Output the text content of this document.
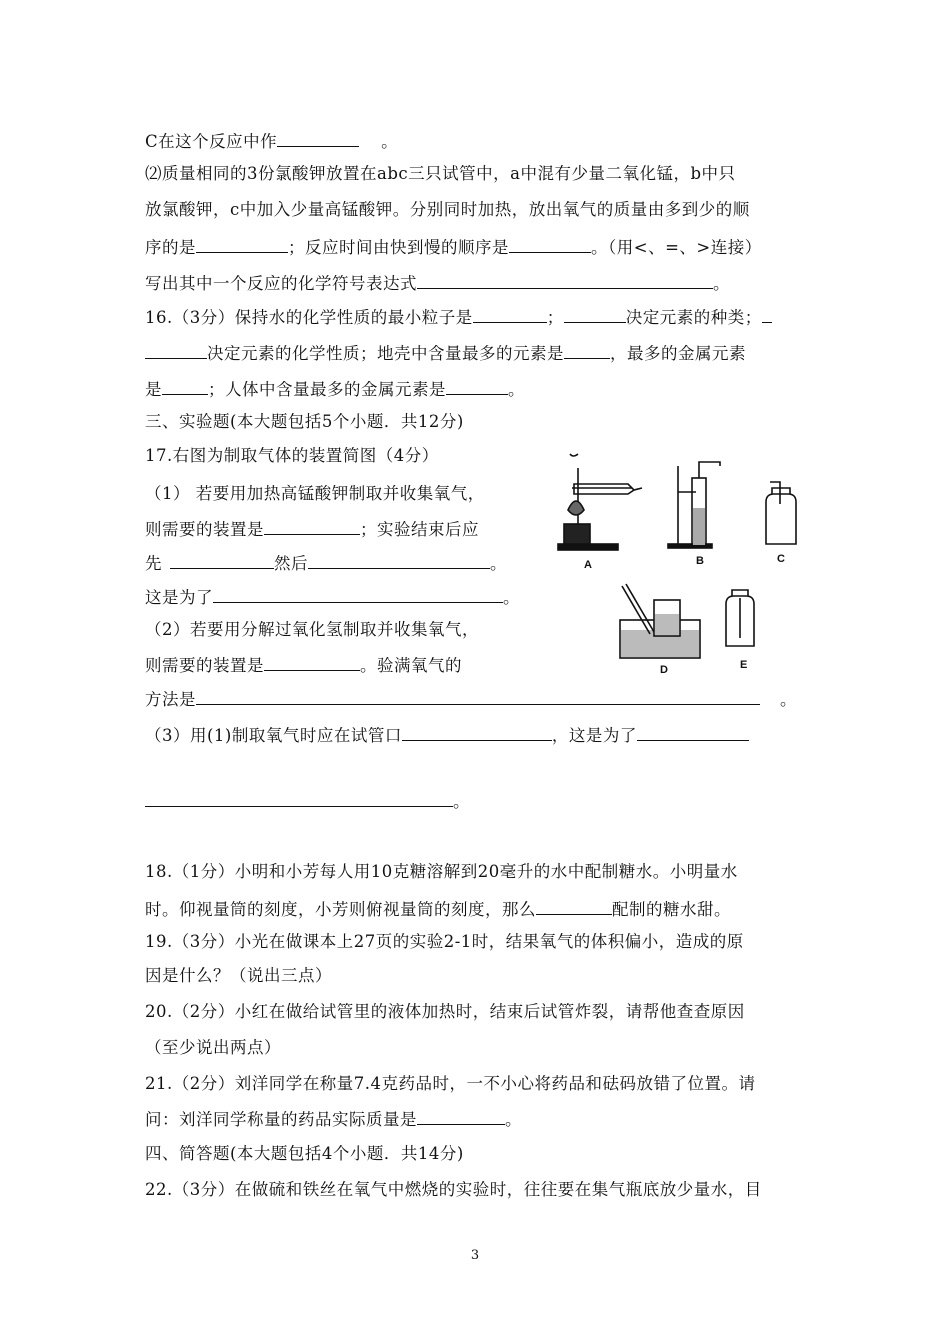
C在这个反应中作	。
⑵质量相同的3份氯酸钾放置在abc三只试管中，a中混有少量二氧化锰，b中只
放氯酸钾，c中加入少量高锰酸钾。分别同时加热，放出氧气的质量由多到少的顺
序的是	；反应时间由快到慢的顺序是	。（用<、=、>连接）
写出其中一个反应的化学符号表达式	。
16.（3分）保持水的化学性质的最小粒子是	；	决定元素的种类；
决定元素的化学性质；地壳中含量最多的元素是	，最多的金属元素
是	；人体中含量最多的金属元素是	。
三、实验题(本大题包括5个小题．共12分)
17.右图为制取气体的装置简图（4分）
（1） 若要用加热高锰酸钾制取并收集氧气，
则需要的装置是	；实验结束后应
先	然后	。
这是为了	。
（2）若要用分解过氧化氢制取并收集氧气，
则需要的装置是	。验满氧气的
方法是	。
（3）用(1)制取氧气时应在试管口	，这是为了
。
18.（1分）小明和小芳每人用10克糖溶解到20毫升的水中配制糖水。小明量水
时。仰视量筒的刻度，小芳则俯视量筒的刻度，那么	配制的糖水甜。
19.（3分）小光在做课本上27页的实验2-1时，结果氧气的体积偏小，造成的原
因是什么？（说出三点）
20.（2分）小红在做给试管里的液体加热时，结束后试管炸裂，请帮他查查原因
（至少说出两点）
21.（2分）刘洋同学在称量7.4克药品时，一不小心将药品和砝码放错了位置。请
问：刘洋同学称量的药品实际质量是	。
四、简答题(本大题包括4个小题．共14分)
22.（3分）在做硫和铁丝在氧气中燃烧的实验时，往往要在集气瓶底放少量水，目
A	B	C
D	E
3
